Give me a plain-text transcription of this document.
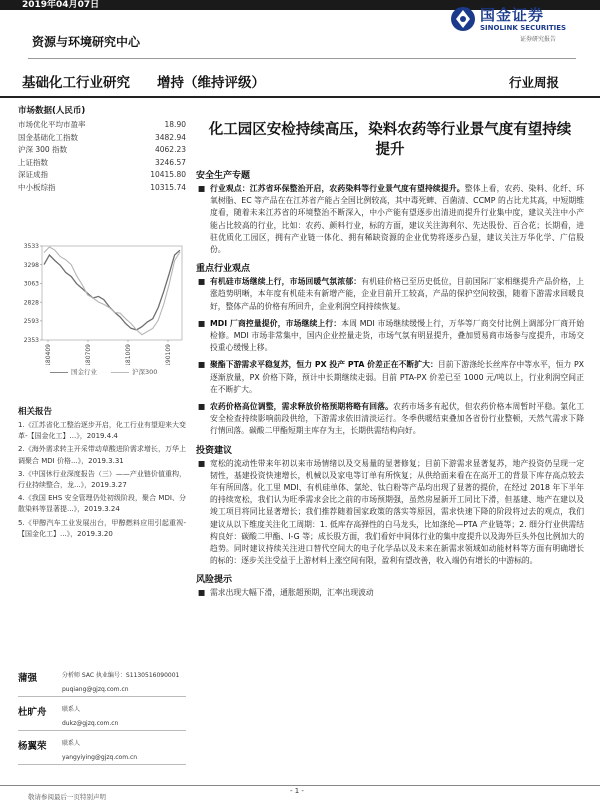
2019年04月07日
资源与环境研究中心
国金证券
SINOLINK SECURITIES
证券研究报告
基础化工行业研究 增持（维持评级）	行业周报
市场数据(人民币)
市场优化平均市盈率	18.90
国金基础化工指数	3482.94
沪深 300 指数	4062.23
上证指数	3246.57
深证成指	10415.80
中小板综指	10315.74
3533
3298
3063
2828
2593
2353
180409	180709	181009	190109
国金行业	沪深300
相关报告
1.《江苏省化工整治逐步开启，化工行业有望迎来大变革-【国金化工】...》，2019.4.4
2.《海外需求转主开采带动草酸进阶需求增长，万华上调聚合 MDI 价格...》，2019.3.31
3.《中国休行业深度报告（三）——产业链价值重构，行业持续整合，龙...》，2019.3.27
4.《我国 EHS 安全管理仍处初级阶段，聚合 MDI、分散染料等显著提...》，2019.3.24
5.《甲醇汽车工业发展出台，甲醇燃料应用引起重视-【国金化工】...》，2019.3.20
蒲强	分析师 SAC 执业编号：S1130516090001
puqiang@gjzq.com.cn
杜旷舟	联系人
dukz@gjzq.com.cn
杨翼荣	联系人
yangyiying@gjzq.com.cn
化工园区安检持续高压，染料农药等行业景气度有望持续提升
安全生产专题

■ 行业观点：江苏省环保整治开启，农药染料等行业景气度有望持续提升。整体上看，农药、染料、化纤、环氧树脂、EC 等产品在在江苏省产能占全国比例较高，其中毒死蜱、百菌清、CCMP 的占比尤其高，中短期维度看，随着未来江苏省的环境整治不断深入，中小产能有望逐步出清进而提升行业集中度，建议关注中小产能占比较高的行业，比如：农药、颜料行业，标的方面，建议关注海利尔、先达股份、百合花；长期看，进驻优质化工园区，拥有产业链一体化、拥有稀缺资源的企业优势将逐步凸显，建议关注万华化学、广信股份。

重点行业观点

■ 有机硅市场继续上行，市场回暖气氛浓郁：有机硅价格已至历史低位，目前国际厂家相继提升产品价格，上涨趋势明晰，本年度有机硅未有新增产能，企业目前开工较高，产品的保护空间较强，随着下游需求回暖良好，整体产品的价格有所回升，企业利润空间持续恢复。

■ MDI 厂商控量提价，市场继续上行：本周 MDI 市场继续缓慢上行，万华等厂商交付比例上调部分厂商开始检修。MDI 市场非常集中，国内企业控量走货，市场气氛有明显提升，叠加贸易商市场参与度提升，市场交投重心缓慢上移。

■ 聚酯下游需求平稳复苏，恒力 PX 投产 PTA 价差正在不断扩大：目前下游涤纶长丝库存中等水平，恒力 PX 逐渐放量，PX 价格下降，预计中长期继续走弱。目前 PTA-PX 价差已至 1000 元/吨以上，行业利润空间正在不断扩大。

■ 农药价格高位调整，需求释放价格预期将略有回落。农药市场多有起伏，但农药价格本周暂时平稳。氯化工安全检查持续影响前段供给，下游需求依旧清淡运行。冬季供暖结束叠加各省份行业整顿，天然气需求下降行情回落。碳酸二甲酯短期主库存为主，长期供需结构向好。

投资建议

■ 宽松的流动性带来年初以来市场情绪以及交易量的显著修复；目前下游需求显著复苏，地产投资仍呈现一定韧性，基建投资快速增长，机械以及家电等订单有所恢复；从供给面来看在在高开工的背景下库存高点较去年有所回落。化工里 MDI、有机硅单体、氯纶、钛白粉等产品均出现了显著的提价，在经过 2018 年下半年的持续宽松，我们认为旺季需求会比之前的市场预期强，虽然房屋新开工同比下滑，但基建、地产在建以及竣工项目将同比显著增长；我们推荐随着国家政策的落实等原因，需求快速下降的阶段将过去的观点，我们建议从以下维度关注化工周期：1. 低库存高弹性的白马龙头，比如涤纶—PTA 产业链等；2. 细分行业供需结构良好：碳酸二甲酯、I-G 等；成长股方面，我们看好中间体行业的集中度提升以及海外巨头外包比例加大的趋势。同时建议持续关注进口替代空间大的电子化学品以及未来在新需求领域如动能材料等方面有明确增长的标的：逐步关注受益于上游材料上涨空间有限，盈利有望改善，收入端仍有增长的中游标的。

风险提示

■ 需求出现大幅下滑，通胀超预期，汇率出现波动

- 1 -
敬请参阅最后一页特别声明
